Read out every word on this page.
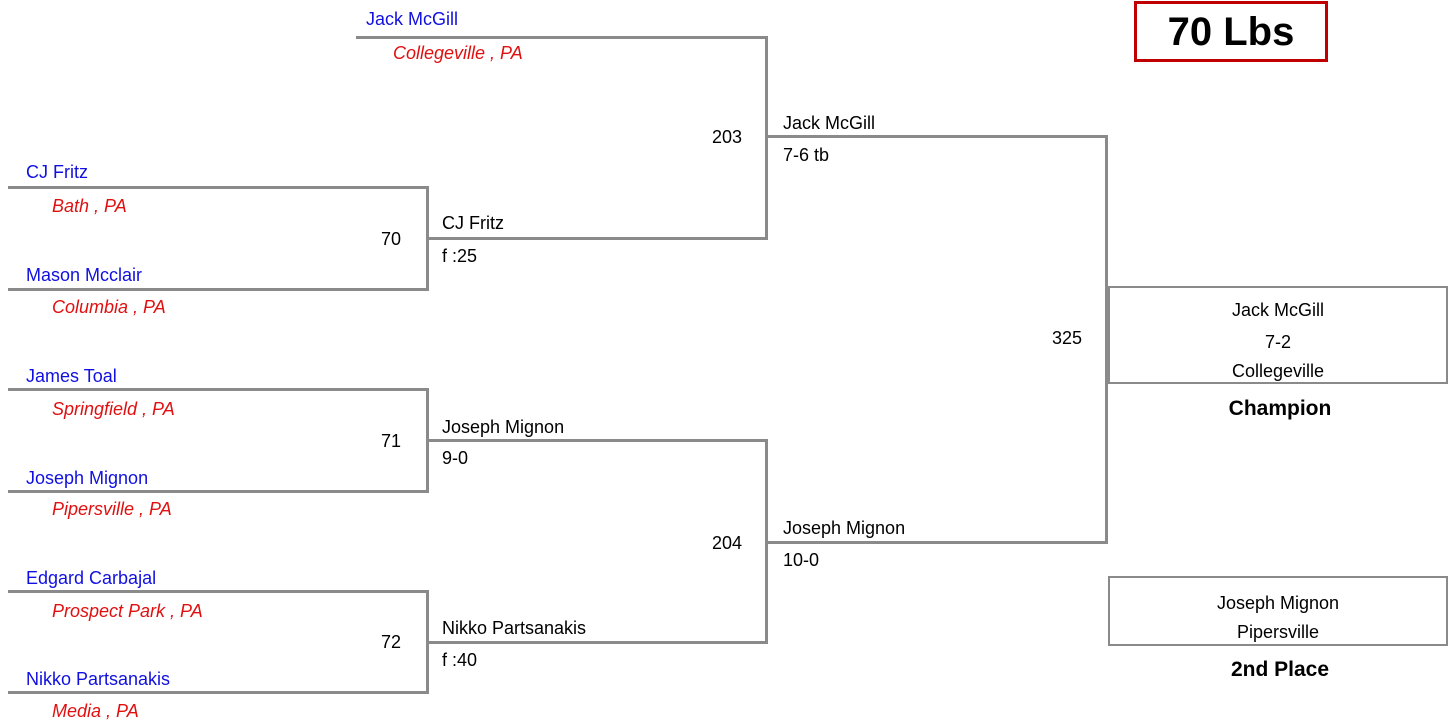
70 Lbs
Jack McGill
Collegeville , PA
CJ Fritz
Bath , PA
70
Mason Mcclair
Columbia , PA
James Toal
Springfield , PA
71
Joseph Mignon
Pipersville , PA
Edgard Carbajal
Prospect Park , PA
72
Nikko Partsanakis
Media , PA
CJ Fritz
f :25
Joseph Mignon
9-0
Nikko Partsanakis
f :40
203
204
Jack McGill
7-6 tb
Joseph Mignon
10-0
325
Jack McGill
7-2
Collegeville
Champion
Joseph Mignon
Pipersville
2nd Place
